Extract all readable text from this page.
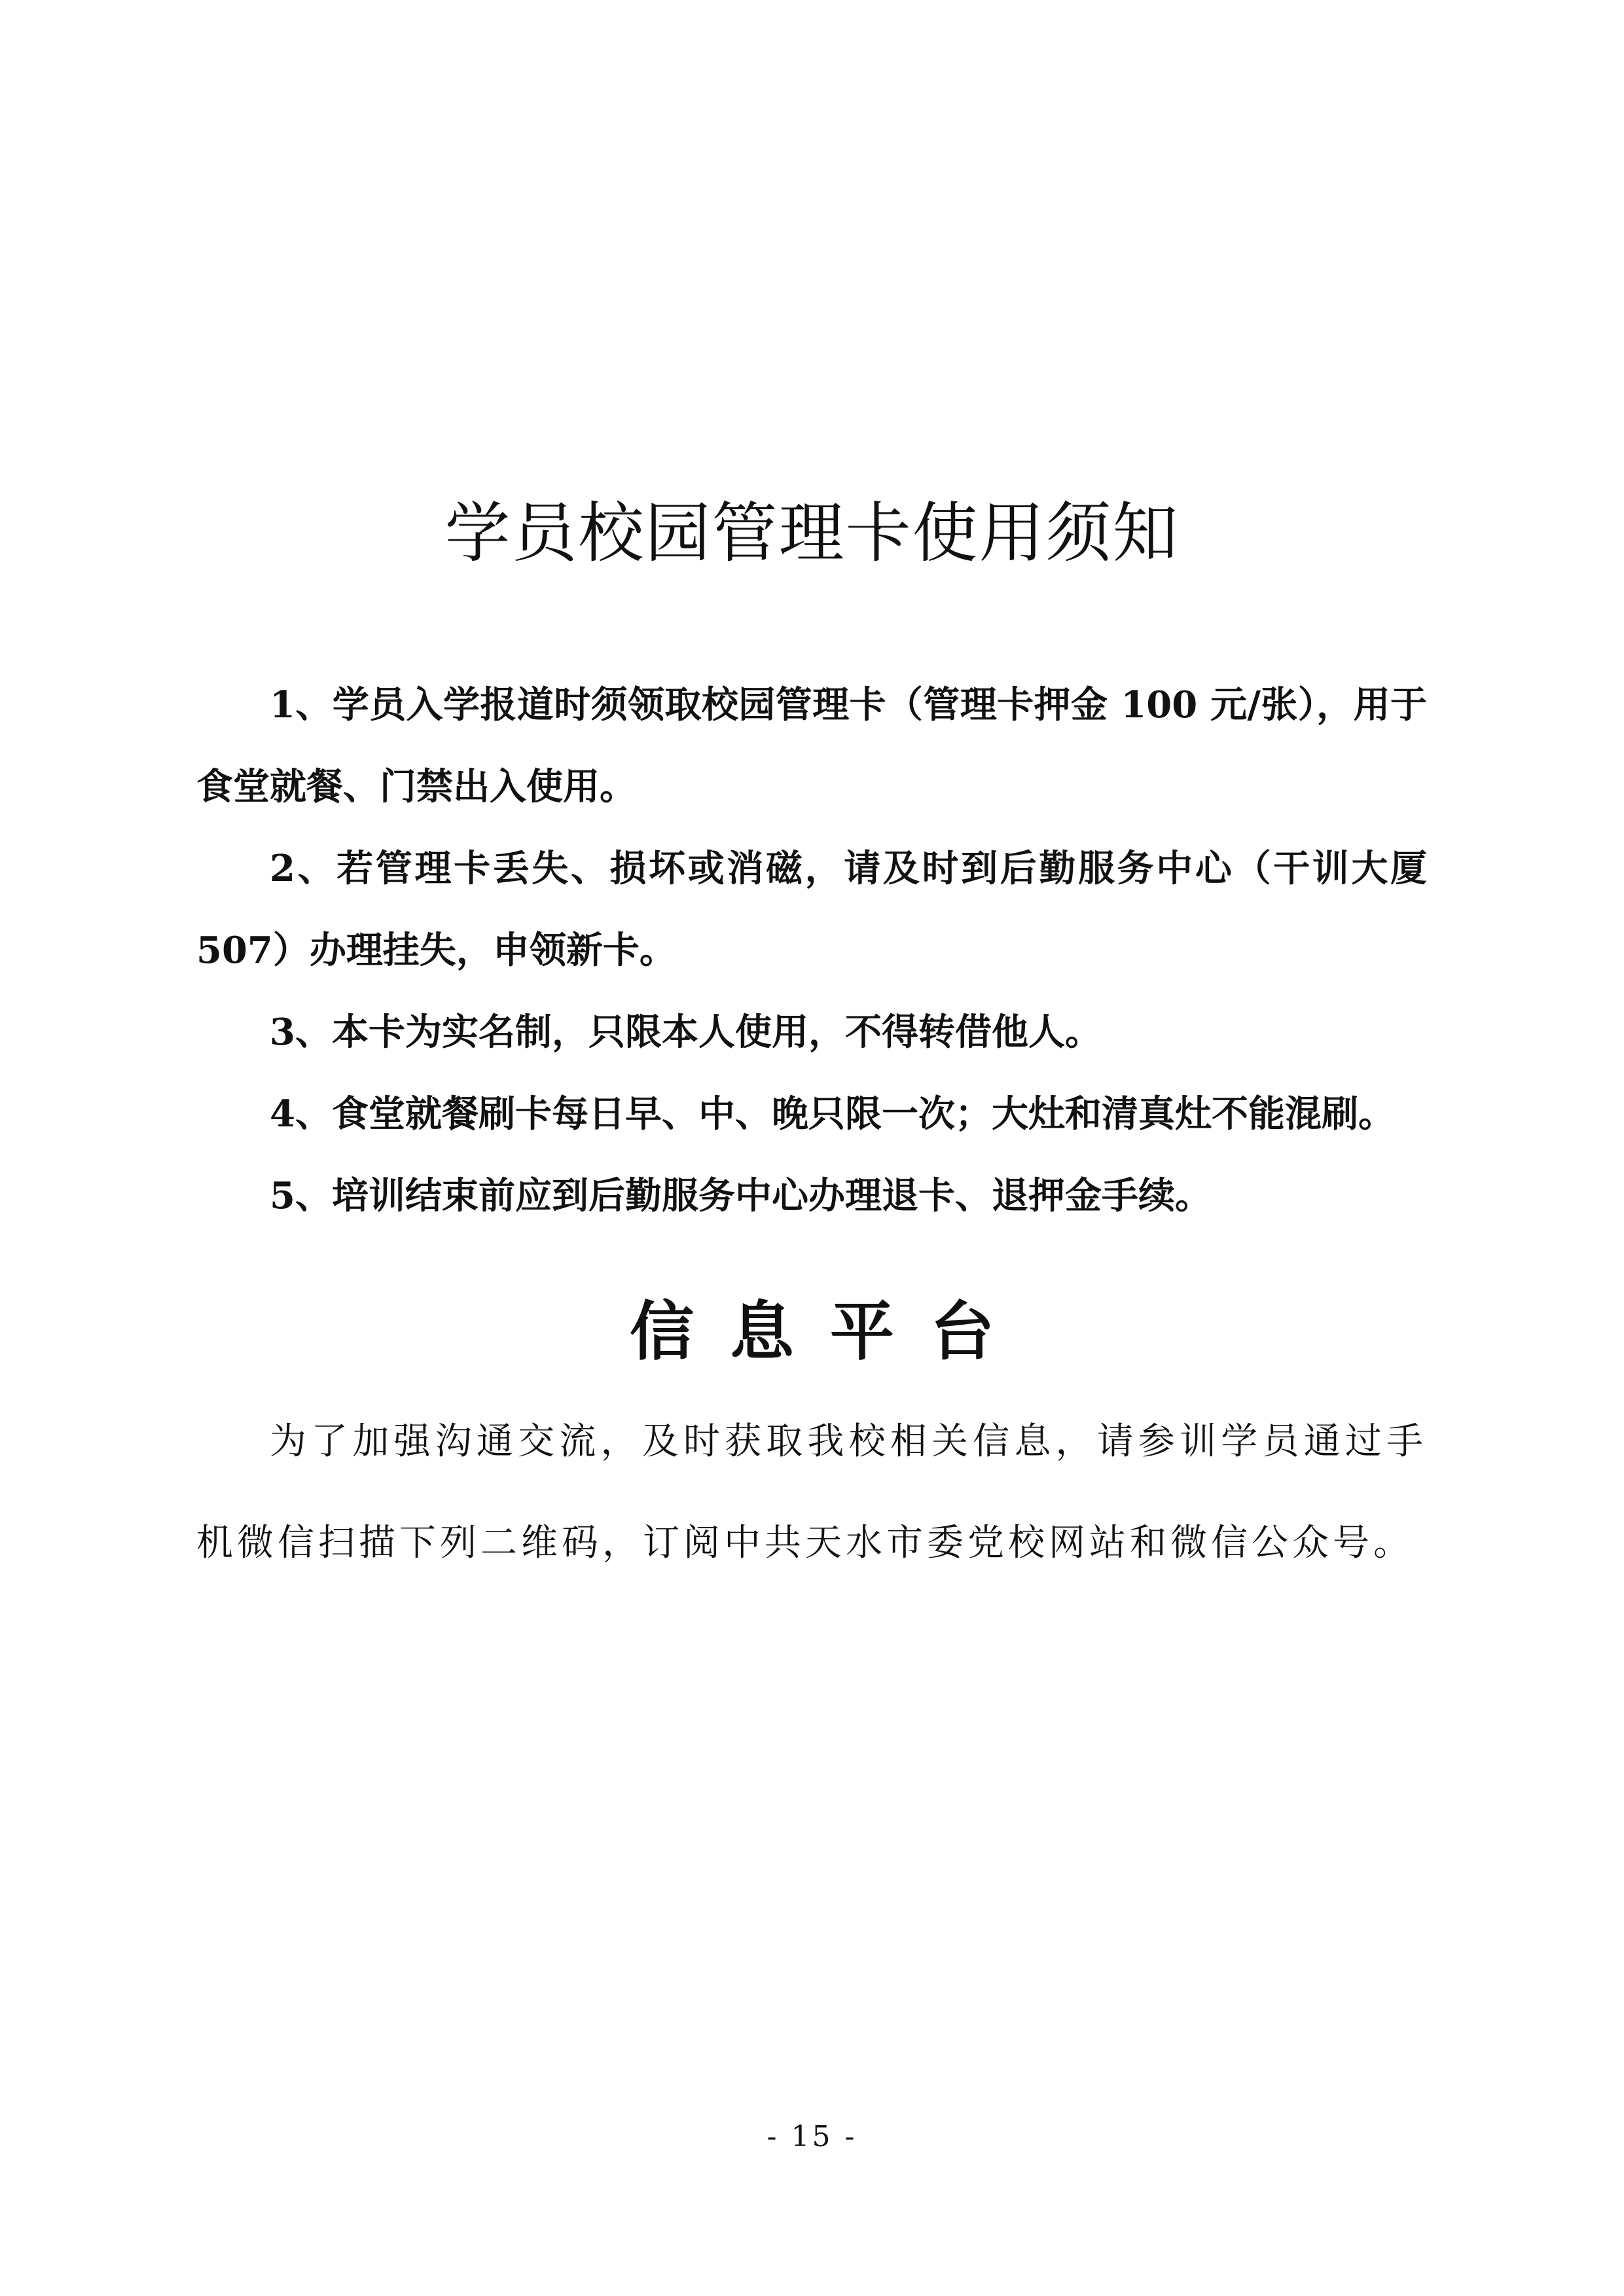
学员校园管理卡使用须知

1、学员入学报道时须领取校园管理卡（管理卡押金 100 元/张），用于食堂就餐、门禁出入使用。

2、若管理卡丢失、损坏或消磁，请及时到后勤服务中心（干训大厦 507）办理挂失，申领新卡。

3、本卡为实名制，只限本人使用，不得转借他人。

4、食堂就餐刷卡每日早、中、晚只限一次；大灶和清真灶不能混刷。

5、培训结束前应到后勤服务中心办理退卡、退押金手续。

信息平台

为了加强沟通交流，及时获取我校相关信息，请参训学员通过手机微信扫描下列二维码，订阅中共天水市委党校网站和微信公众号。

- 15 -
